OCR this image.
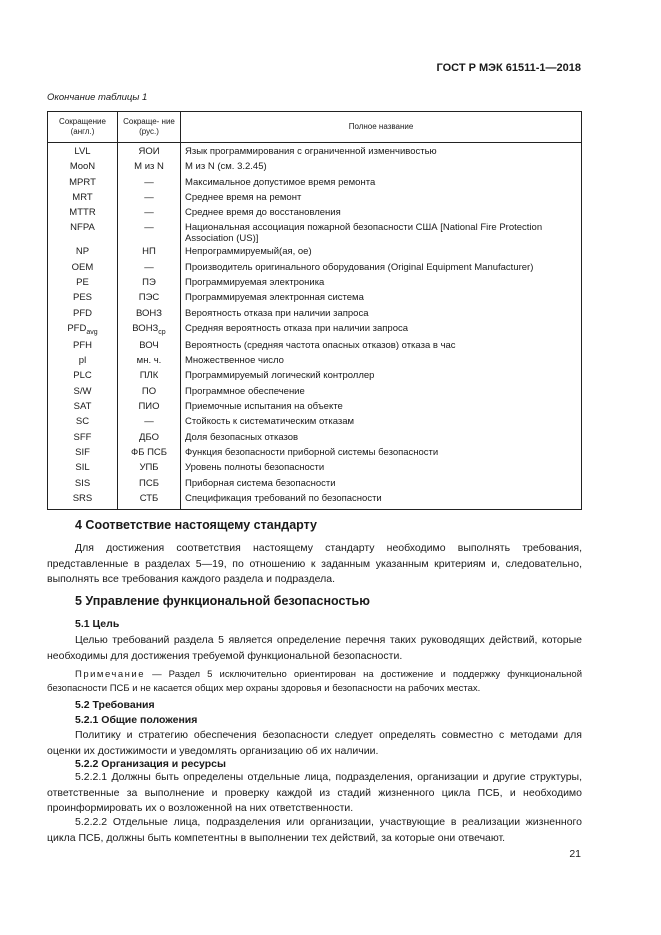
ГОСТ Р МЭК 61511-1—2018
Окончание таблицы 1
Сокращение (англ.)	Сокраще- ние (рус.)	Полное название
LVL	ЯОИ	Язык программирования с ограниченной изменчивостью
MooN	M из N	M из N (см. 3.2.45)
MPRT	—	Максимальное допустимое время ремонта
MRT	—	Среднее время на ремонт
MTTR	—	Среднее время до восстановления
NFPA	—	Национальная ассоциация пожарной безопасности США [National Fire Protection Association (US)]
NP	НП	Непрограммируемый(ая, ое)
OEM	—	Производитель оригинального оборудования (Original Equipment Manufacturer)
PE	ПЭ	Программируемая электроника
PES	ПЭС	Программируемая электронная система
PFD	ВОНЗ	Вероятность отказа при наличии запроса
$PFD_{avg}$	$ВОНЗ_{ср}$	Средняя вероятность отказа при наличии запроса
PFH	ВОЧ	Вероятность (средняя частота опасных отказов) отказа в час
pl	мн. ч.	Множественное число
PLC	ПЛК	Программируемый логический контроллер
S/W	ПО	Программное обеспечение
SAT	ПИО	Приемочные испытания на объекте
SC	—	Стойкость к систематическим отказам
SFF	ДБО	Доля безопасных отказов
SIF	ФБ ПСБ	Функция безопасности приборной системы безопасности
SIL	УПБ	Уровень полноты безопасности
SIS	ПСБ	Приборная система безопасности
SRS	СТБ	Спецификация требований по безопасности
4 Соответствие настоящему стандарту
Для достижения соответствия настоящему стандарту необходимо выполнять требования, представленные в разделах 5—19, по отношению к заданным указанным критериям и, следовательно, выполнять все требования каждого раздела и подраздела.
5 Управление функциональной безопасностью
5.1 Цель
Целью требований раздела 5 является определение перечня таких руководящих действий, которые необходимы для достижения требуемой функциональной безопасности.
Примечание — Раздел 5 исключительно ориентирован на достижение и поддержку функциональной безопасности ПСБ и не касается общих мер охраны здоровья и безопасности на рабочих местах.
5.2 Требования
5.2.1 Общие положения
Политику и стратегию обеспечения безопасности следует определять совместно с методами для оценки их достижимости и уведомлять организацию об их наличии.
5.2.2 Организация и ресурсы
5.2.2.1 Должны быть определены отдельные лица, подразделения, организации и другие структуры, ответственные за выполнение и проверку каждой из стадий жизненного цикла ПСБ, и необходимо проинформировать их о возложенной на них ответственности.
5.2.2.2 Отдельные лица, подразделения или организации, участвующие в реализации жизненного цикла ПСБ, должны быть компетентны в выполнении тех действий, за которые они отвечают.
21
